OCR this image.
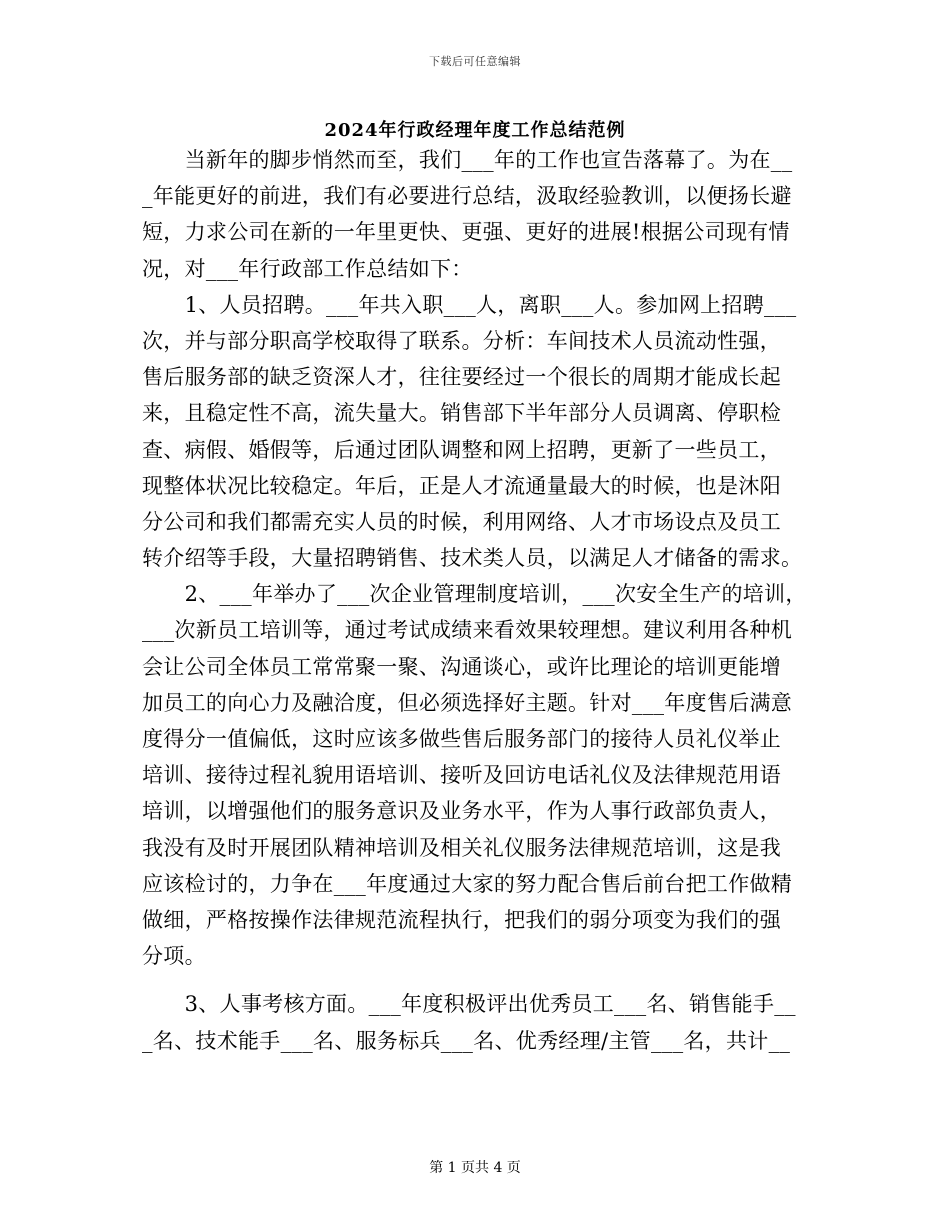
下载后可任意编辑
2024年行政经理年度工作总结范例
　　当新年的脚步悄然而至，我们___年的工作也宣告落幕了。为在__
_年能更好的前进，我们有必要进行总结，汲取经验教训，以便扬长避
短，力求公司在新的一年里更快、更强、更好的进展!根据公司现有情
况，对___年行政部工作总结如下：
　　1、人员招聘。___年共入职___人，离职___人。参加网上招聘___
次，并与部分职高学校取得了联系。分析：车间技术人员流动性强，
售后服务部的缺乏资深人才，往往要经过一个很长的周期才能成长起
来，且稳定性不高，流失量大。销售部下半年部分人员调离、停职检
查、病假、婚假等，后通过团队调整和网上招聘，更新了一些员工，
现整体状况比较稳定。年后，正是人才流通量最大的时候，也是沐阳
分公司和我们都需充实人员的时候，利用网络、人才市场设点及员工
转介绍等手段，大量招聘销售、技术类人员，以满足人才储备的需求。
　　2、___年举办了___次企业管理制度培训，___次安全生产的培训，
___次新员工培训等，通过考试成绩来看效果较理想。建议利用各种机
会让公司全体员工常常聚一聚、沟通谈心，或许比理论的培训更能增
加员工的向心力及融洽度，但必须选择好主题。针对___年度售后满意
度得分一值偏低，这时应该多做些售后服务部门的接待人员礼仪举止
培训、接待过程礼貌用语培训、接听及回访电话礼仪及法律规范用语
培训，以增强他们的服务意识及业务水平，作为人事行政部负责人，
我没有及时开展团队精神培训及相关礼仪服务法律规范培训，这是我
应该检讨的，力争在___年度通过大家的努力配合售后前台把工作做精
做细，严格按操作法律规范流程执行，把我们的弱分项变为我们的强
分项。
　　3、人事考核方面。___年度积极评出优秀员工___名、销售能手__
_名、技术能手___名、服务标兵___名、优秀经理/主管___名，共计__
第 1 页共 4 页
